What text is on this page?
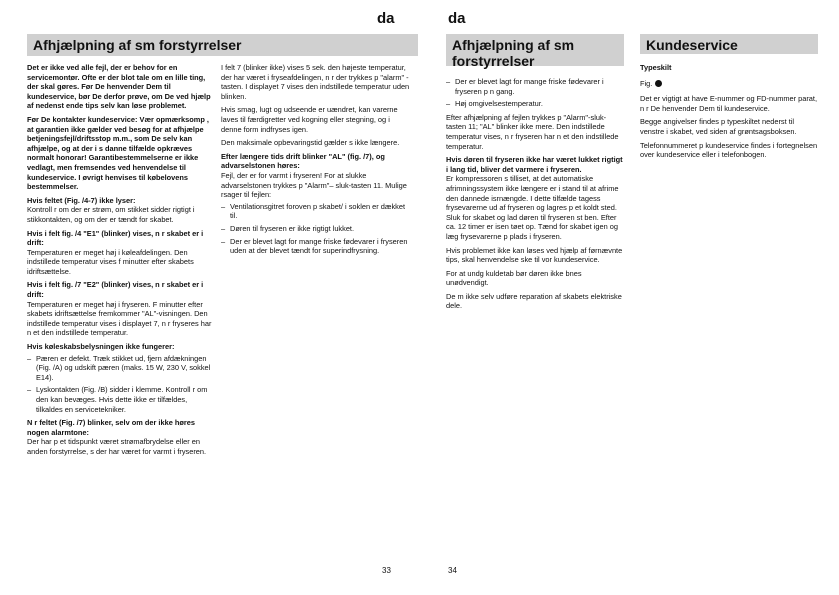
da	da
Afhjælpning af sm forstyrrelser	Afhjælpning af sm forstyrrelser
Kundeservice

Det er ikke ved alle fejl, der er behov for en servicemontør. Ofte er der blot tale om en lille ting, der skal gøres. Før De henvender Dem til kundeservice, bør De derfor prøve, om De ved hjælp af nedenst ende tips selv kan løse problemet.

Før De kontakter kundeservice: Vær opmærksomp , at garantien ikke gælder ved besøg for at afhjælpe betjeningsfejl/driftsstop m.m., som De selv kan afhjælpe, og at der i s danne tilfælde opkræves normalt honorar! Garantibestemmelserne er ikke vedlagt, men fremsendes ved henvendelse til kundeservice. I øvrigt henvises til købelovens bestemmelser.

Hvis feltet (Fig. /4-7) ikke lyser:

Kontroll r om der er strøm, om stikket sidder rigtigt i stikkontakten, og om der er tændt for skabet.

Hvis i felt fig. /4 "E1" (blinker) vises, n r skabet er i drift:

Temperaturen er meget høj i køleafdelingen. Den indstillede temperatur vises f minutter efter skabets idriftsættelse.

Hvis i felt fig. /7 "E2" (blinker) vises, n r skabet er i drift:

Temperaturen er meget høj i fryseren. F minutter efter skabets idriftsættelse fremkommer "AL"-visningen. Den indstillede temperatur vises i displayet 7, n r fryseres har n et den indstillede temperatur.

Hvis køleskabsbelysningen ikke fungerer:

– Pæren er defekt. Træk stikket ud, fjern afdækningen (Fig. /A) og udskift pæren (maks. 15 W, 230 V, sokkel E14).
– Lyskontakten (Fig. /B) sidder i klemme. Kontroll r om den kan bevæges. Hvis dette ikke er tilfældes, tilkaldes en servicetekniker.

N r feltet (Fig. /7) blinker, selv om der ikke høres nogen alarmtone:

Der har p et tidspunkt været strømafbrydelse eller en anden forstyrrelse, s der har været for varmt i fryseren.

I felt 7 (blinker ikke) vises 5 sek. den højeste temperatur, der har været i fryseafdelingen, n r der trykkes p "alarm" -tasten. I displayet 7 vises den indstillede temperatur uden blinken.

Hvis smag, lugt og udseende er uændret, kan varerne laves til færdigretter ved kogning eller stegning, og i denne form indfryses igen.

Den maksimale opbevaringstid gælder s ikke længere.

Efter længere tids drift blinker "AL" (fig. /7), og advarselstonen høres:

Fejl, der er for varmt i fryseren! For at slukke advarselstonen trykkes p "Alarm"– sluk-tasten 11. Mulige rsager til fejlen:

– Ventilationsgitret foroven p skabet/ i soklen er dækket til.
– Døren til fryseren er ikke rigtigt lukket.
– Der er blevet lagt for mange friske fødevarer i fryseren uden at der blevet tændt for superindfrysning.
– Der er blevet lagt for mange friske fødevarer i fryseren p n gang.
– Høj omgivelsestemperatur.

Efter afhjælpning af fejlen trykkes p "Alarm"-sluk-tasten 11; "AL" blinker ikke mere. Den indstillede temperatur vises, n r fryseren har n et den indstillede temperatur.

Hvis døren til fryseren ikke har været lukket rigtigt i lang tid, bliver det varmere i fryseren.

Er kompressoren s tilliset, at det automatiske afrimningssystem ikke længere er i stand til at afrime den dannede isrnængde. I dette tilfælde tagess frysevarerne ud af fryseren og lagres p et koldt sted. Sluk for skabet og lad døren til fryseren st ben. Efter ca. 12 timer er isen tøet op. Tænd for skabet igen og læg frysevarerne p plads i fryseren.

Hvis problemet ikke kan løses ved hjælp af førnævnte tips, skal henvendelse ske til vor kundeservice.

For at undg kuldetab bør døren ikke bnes unødvendigt.

De m ikke selv udføre reparation af skabets elektriske dele.

Typeskilt

Fig.

Det er vigtigt at have E-nummer og FD-nummer parat, n r De henvender Dem til kundeservice.

Begge angivelser findes p typeskiltet nederst til venstre i skabet, ved siden af grøntsagsboksen.

Telefonnummeret p kundeservice findes i fortegnelsen over kundeservice eller i telefonbogen.

33	34
